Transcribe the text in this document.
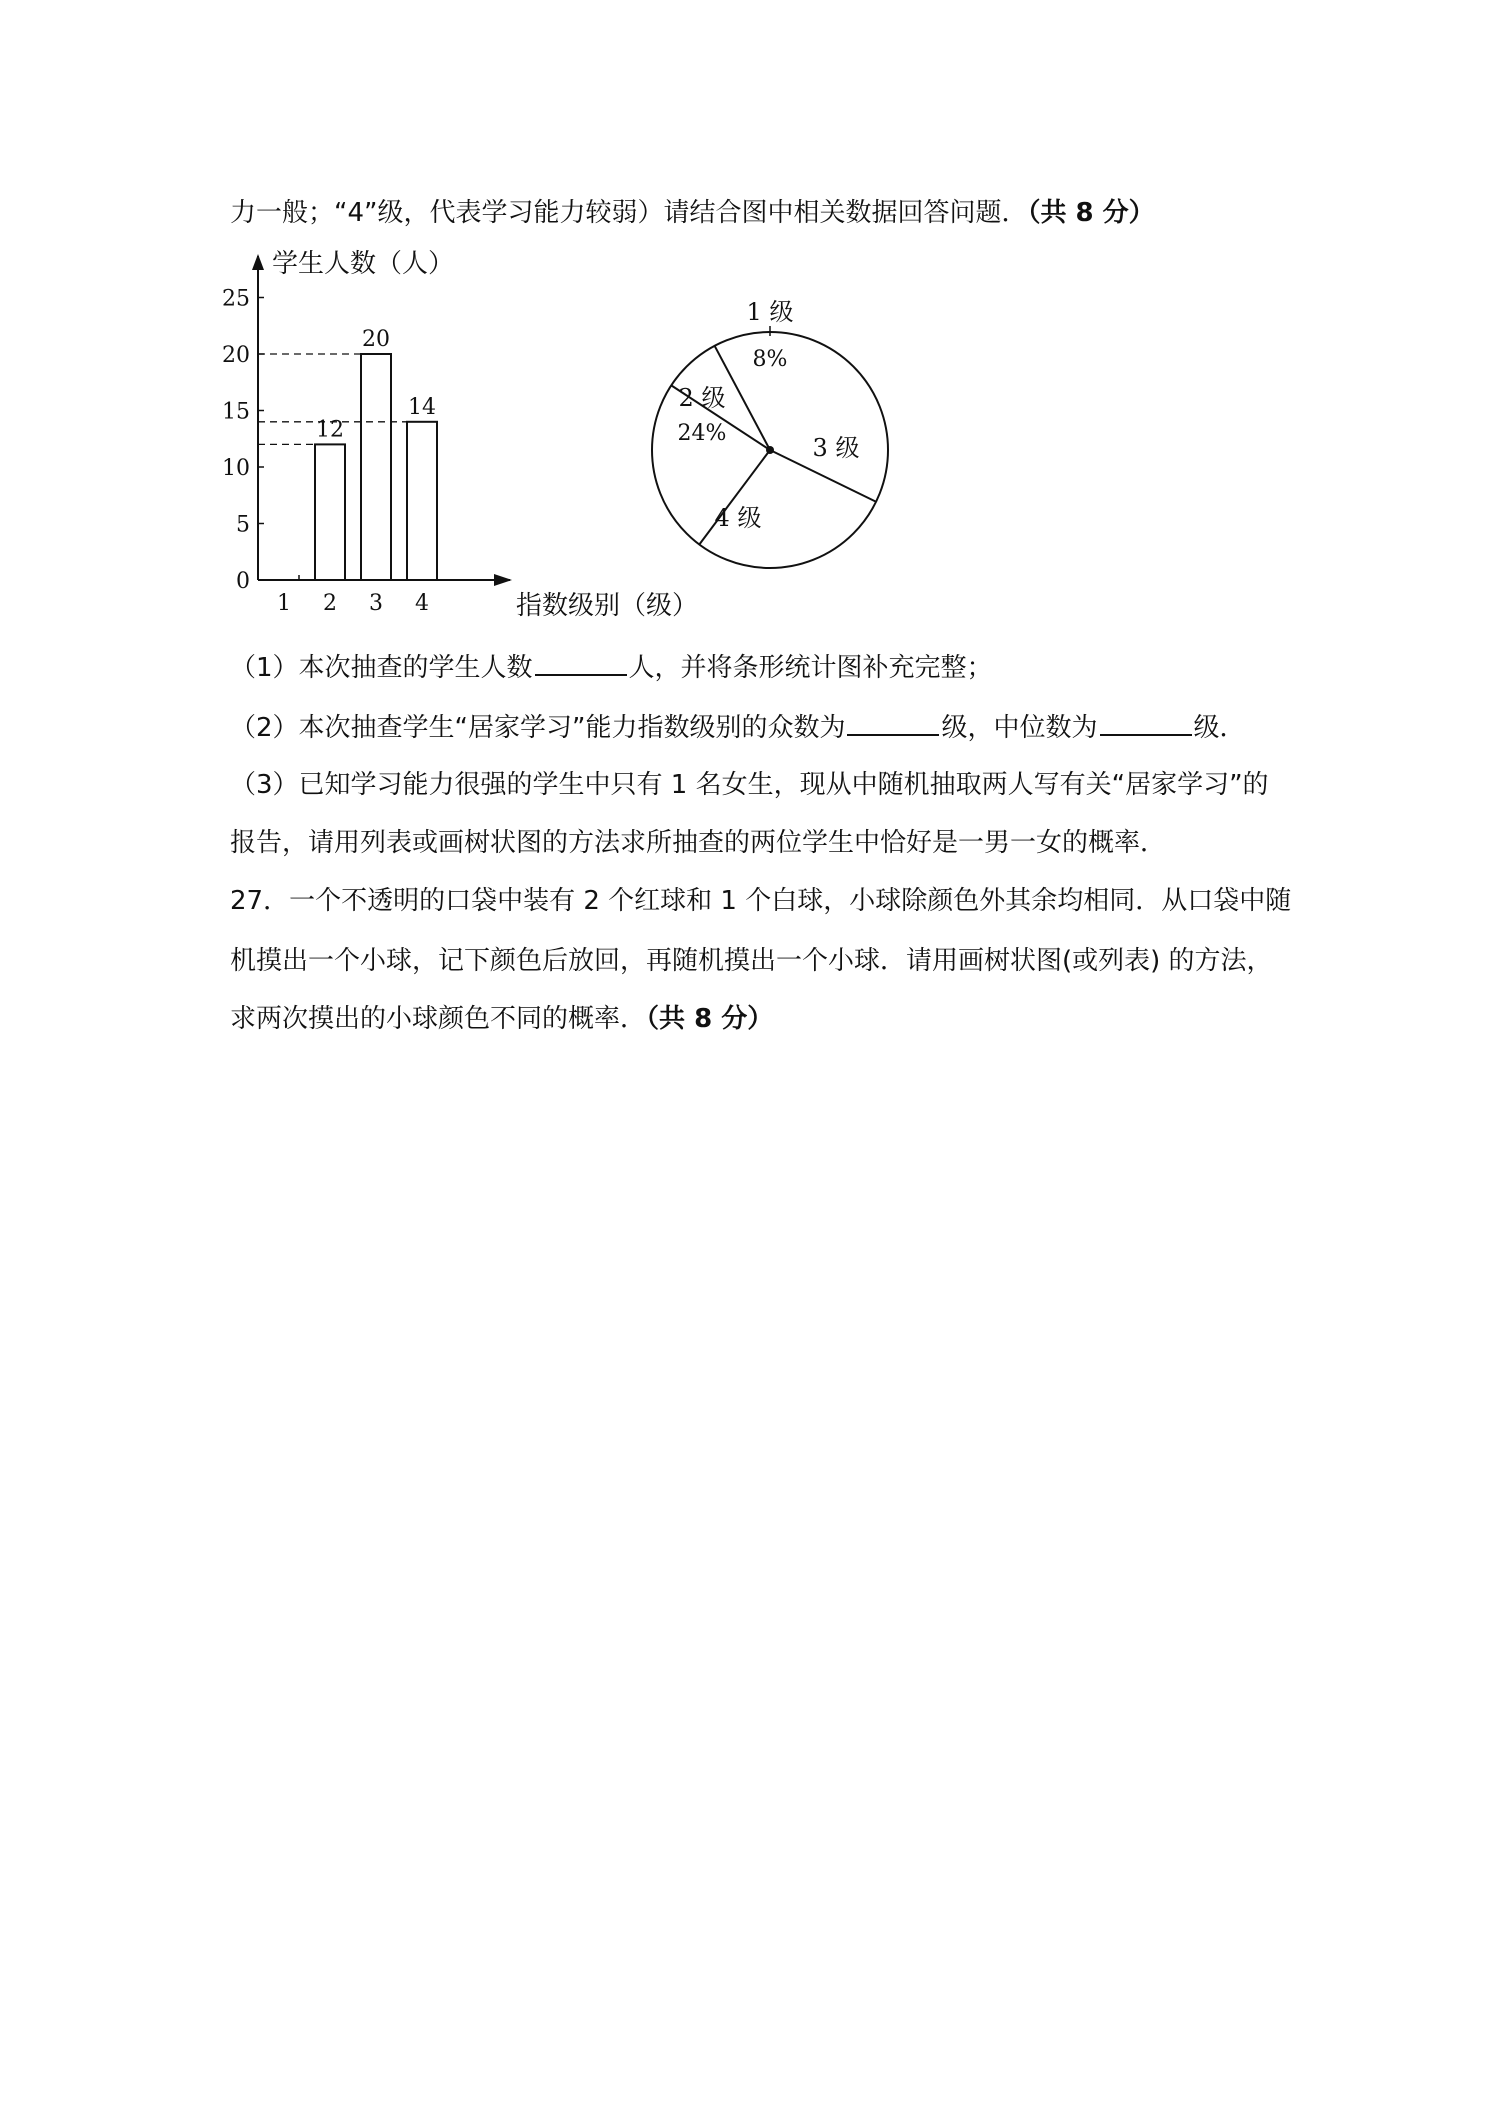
力一般；“4”级，代表学习能力较弱）请结合图中相关数据回答问题．（共 8 分）
0
5
10
15
20
25
1 2 3 4
12
20
14
学生人数（人）
指数级别（级）
1 级
8%
2 级
24%
4 级
3 级
（1）本次抽查的学生人数	人，并将条形统计图补充完整；
（2）本次抽查学生“居家学习”能力指数级别的众数为	级，中位数为	级．
（3）已知学习能力很强的学生中只有 1 名女生，现从中随机抽取两人写有关“居家学习”的
报告，请用列表或画树状图的方法求所抽查的两位学生中恰好是一男一女的概率．
27．一个不透明的口袋中装有 2 个红球和 1 个白球，小球除颜色外其余均相同．从口袋中随
机摸出一个小球，记下颜色后放回，再随机摸出一个小球．请用画树状图(或列表) 的方法，
求两次摸出的小球颜色不同的概率．（共 8 分）
